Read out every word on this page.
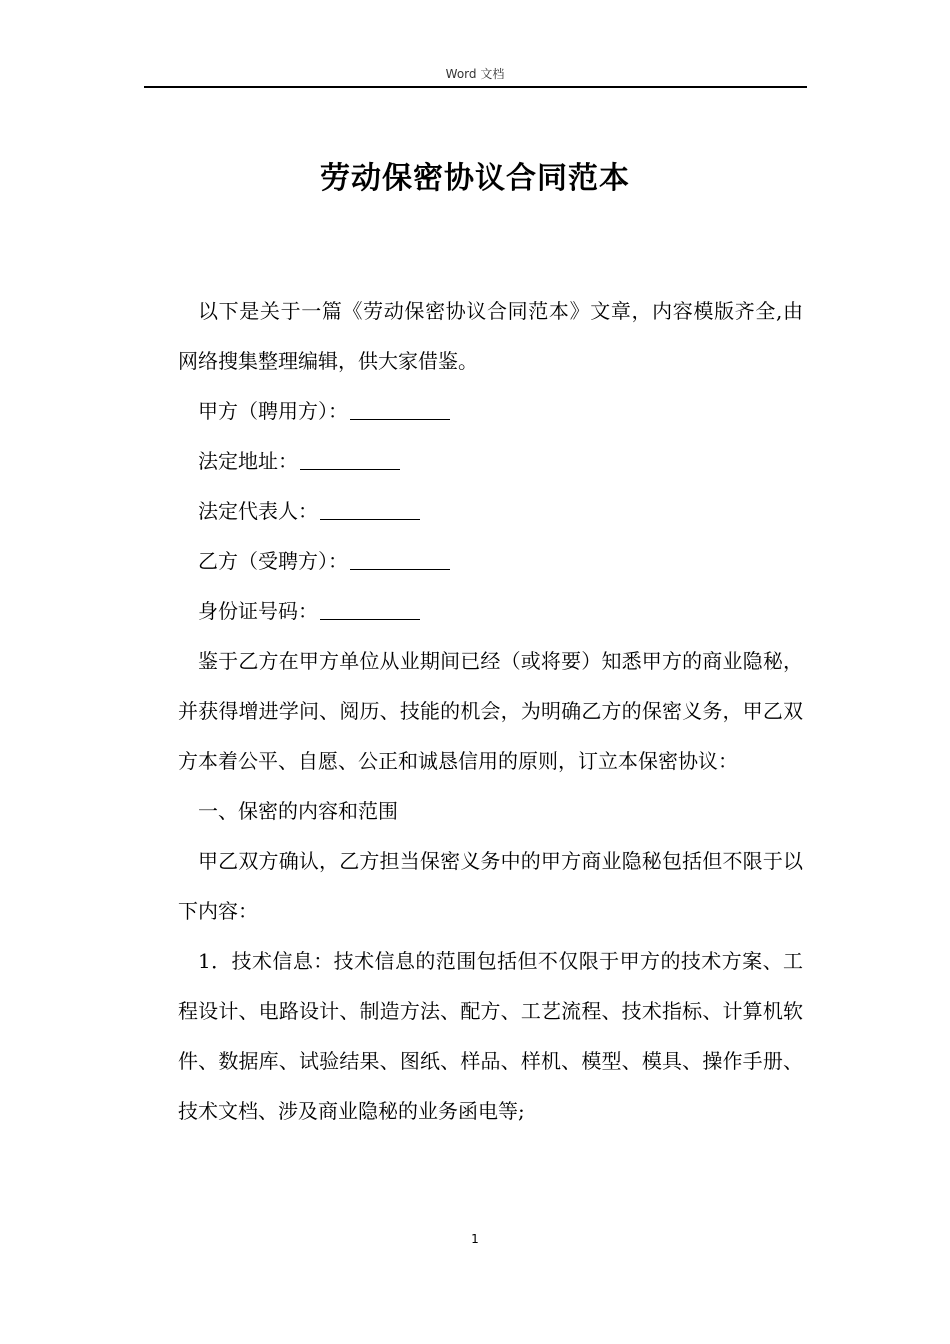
Word 文档
劳动保密协议合同范本

以下是关于一篇《劳动保密协议合同范本》文章，内容模版齐全,由网络搜集整理编辑，供大家借鉴。

甲方（聘用方）：

法定地址：

法定代表人：

乙方（受聘方）：

身份证号码：

鉴于乙方在甲方单位从业期间已经（或将要）知悉甲方的商业隐秘，并获得增进学问、阅历、技能的机会，为明确乙方的保密义务，甲乙双方本着公平、自愿、公正和诚恳信用的原则，订立本保密协议：

一、保密的内容和范围

甲乙双方确认，乙方担当保密义务中的甲方商业隐秘包括但不限于以下内容：

1．技术信息：技术信息的范围包括但不仅限于甲方的技术方案、工程设计、电路设计、制造方法、配方、工艺流程、技术指标、计算机软件、数据库、试验结果、图纸、样品、样机、模型、模具、操作手册、技术文档、涉及商业隐秘的业务函电等;

1
